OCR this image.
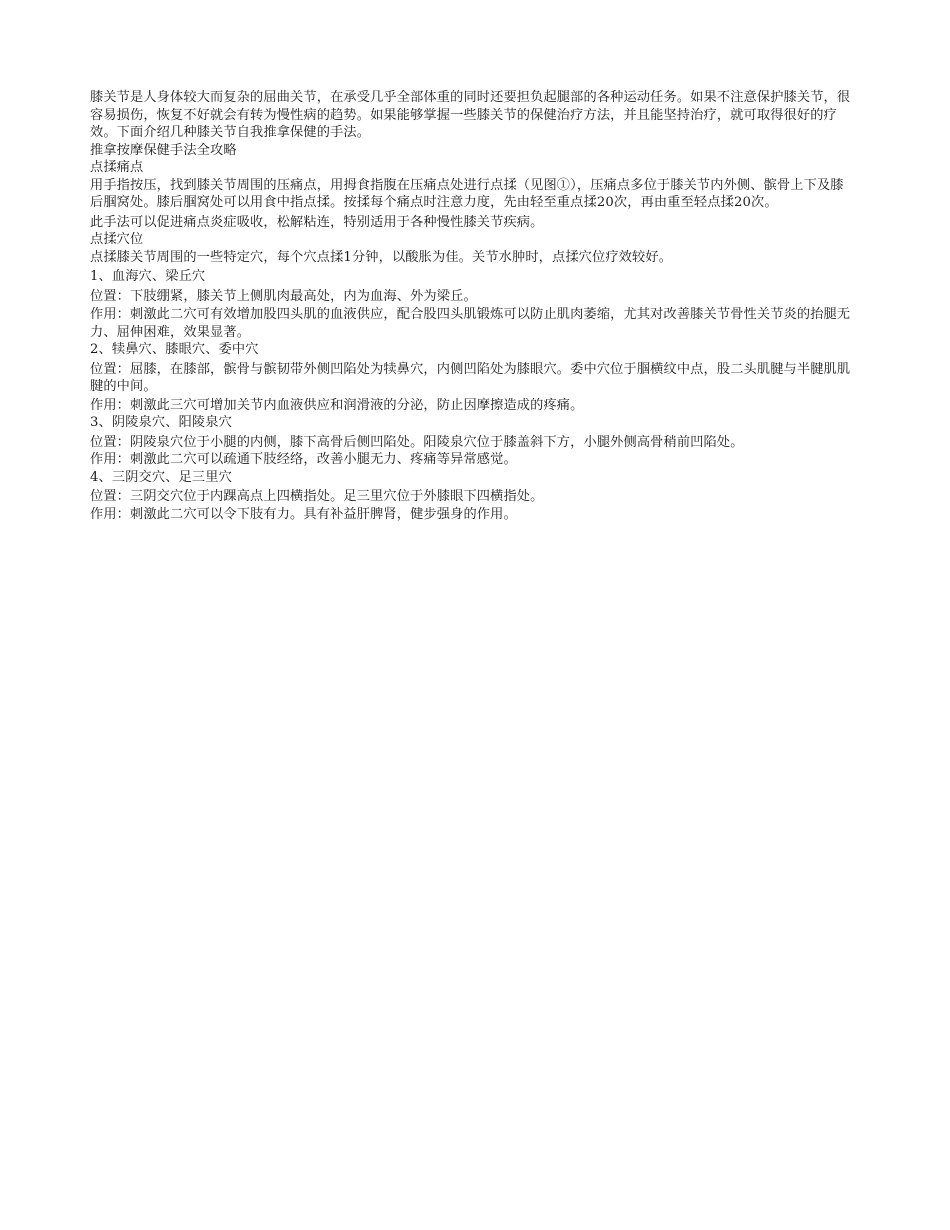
膝关节是人身体较大而复杂的屈曲关节，在承受几乎全部体重的同时还要担负起腿部的各种运动任务。如果不注意保护膝关节，很容易损伤，恢复不好就会有转为慢性病的趋势。如果能够掌握一些膝关节的保健治疗方法，并且能坚持治疗，就可取得很好的疗效。下面介绍几种膝关节自我推拿保健的手法。

推拿按摩保健手法全攻略

点揉痛点

用手指按压，找到膝关节周围的压痛点，用拇食指腹在压痛点处进行点揉（见图①），压痛点多位于膝关节内外侧、髌骨上下及膝后腘窝处。膝后腘窝处可以用食中指点揉。按揉每个痛点时注意力度，先由轻至重点揉20次，再由重至轻点揉20次。

此手法可以促进痛点炎症吸收，松解粘连，特别适用于各种慢性膝关节疾病。

点揉穴位

点揉膝关节周围的一些特定穴，每个穴点揉1分钟，以酸胀为佳。关节水肿时，点揉穴位疗效较好。

1、血海穴、梁丘穴

位置：下肢绷紧，膝关节上侧肌肉最高处，内为血海、外为梁丘。

作用：刺激此二穴可有效增加股四头肌的血液供应，配合股四头肌锻炼可以防止肌肉萎缩，尤其对改善膝关节骨性关节炎的抬腿无力、屈伸困难，效果显著。

2、犊鼻穴、膝眼穴、委中穴

位置：屈膝，在膝部，髌骨与髌韧带外侧凹陷处为犊鼻穴，内侧凹陷处为膝眼穴。委中穴位于腘横纹中点，股二头肌腱与半腱肌肌腱的中间。

作用：刺激此三穴可增加关节内血液供应和润滑液的分泌，防止因摩擦造成的疼痛。

3、阴陵泉穴、阳陵泉穴

位置：阴陵泉穴位于小腿的内侧，膝下高骨后侧凹陷处。阳陵泉穴位于膝盖斜下方，小腿外侧高骨稍前凹陷处。

作用：刺激此二穴可以疏通下肢经络，改善小腿无力、疼痛等异常感觉。

4、三阴交穴、足三里穴

位置：三阴交穴位于内踝高点上四横指处。足三里穴位于外膝眼下四横指处。

作用：刺激此二穴可以令下肢有力。具有补益肝脾肾，健步强身的作用。
